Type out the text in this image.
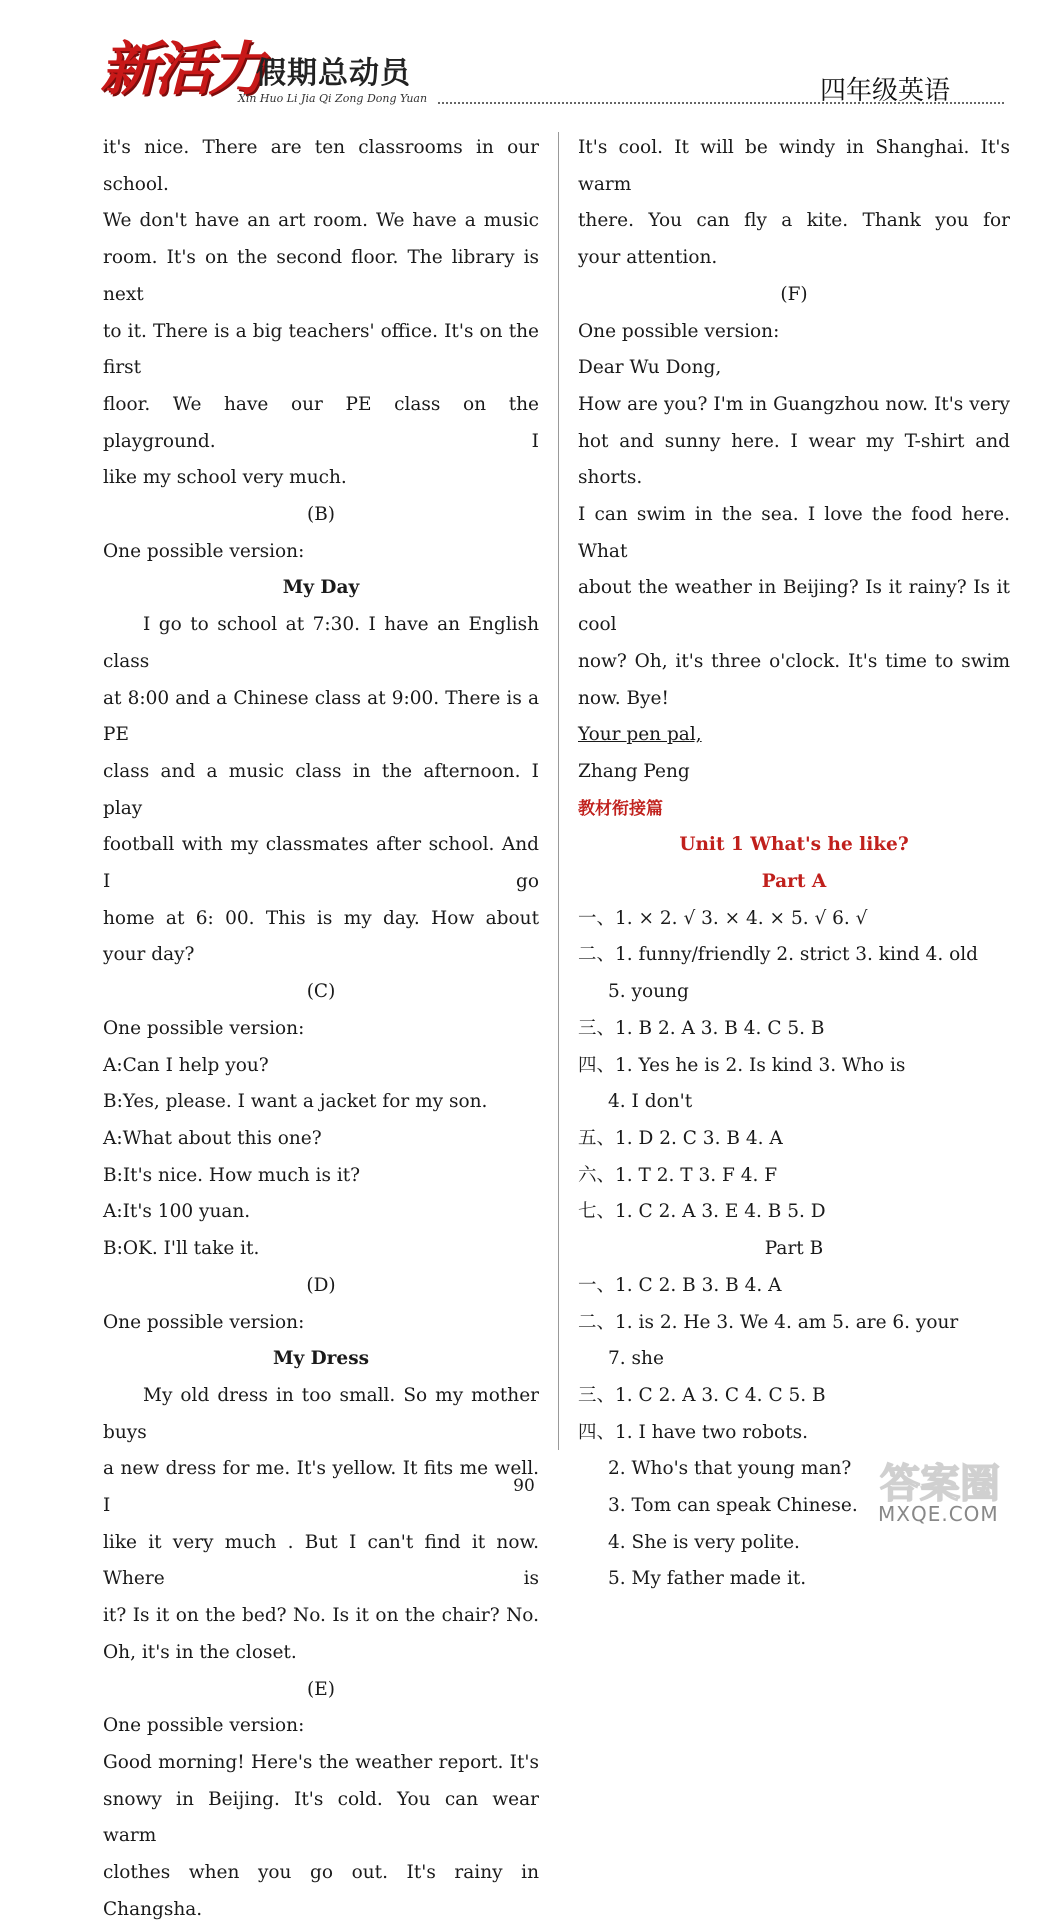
新活力
假期总动员
Xin Huo Li Jia Qi Zong Dong Yuan	四年级英语

it's nice. There are ten classrooms in our school.

We don't have an art room. We have a music

room. It's on the second floor. The library is next

to it. There is a big teachers' office. It's on the first

floor. We have our PE class on the playground. I

like my school very much.

(B)

One possible version:

My Day

I go to school at 7:30. I have an English class

at 8:00 and a Chinese class at 9:00. There is a PE

class and a music class in the afternoon. I play

football with my classmates after school. And I go

home at 6: 00. This is my day. How about

your day?

(C)

One possible version:

A:Can I help you?

B:Yes, please. I want a jacket for my son.

A:What about this one?

B:It's nice. How much is it?

A:It's 100 yuan.

B:OK. I'll take it.

(D)

One possible version:

My Dress

My old dress in too small. So my mother buys

a new dress for me. It's yellow. It fits me well. I

like it very much . But I can't find it now. Where is

it? Is it on the bed? No. Is it on the chair? No.

Oh, it's in the closet.

(E)

One possible version:

Good morning! Here's the weather report. It's

snowy in Beijing. It's cold. You can wear warm

clothes when you go out. It's rainy in Changsha.

It's cool. It will be windy in Shanghai. It's warm

there. You can fly a kite. Thank you for

your attention.

(F)

One possible version:

Dear Wu Dong,

How are you? I'm in Guangzhou now. It's very

hot and sunny here. I wear my T-shirt and shorts.

I can swim in the sea. I love the food here. What

about the weather in Beijing? Is it rainy? Is it cool

now? Oh, it's three o'clock. It's time to swim

now. Bye!

Your pen pal,

Zhang Peng

教材衔接篇

Unit 1 What's he like?

Part A

一、1. × 2. √ 3. × 4. × 5. √ 6. √

二、1. funny/friendly 2. strict 3. kind 4. old

5. young

三、1. B 2. A 3. B 4. C 5. B

四、1. Yes he is 2. Is kind 3. Who is

4. I don't

五、1. D 2. C 3. B 4. A

六、1. T 2. T 3. F 4. F

七、1. C 2. A 3. E 4. B 5. D

Part B

一、1. C 2. B 3. B 4. A

二、1. is 2. He 3. We 4. am 5. are 6. your

7. she

三、1. C 2. A 3. C 4. C 5. B

四、1. I have two robots.

2. Who's that young man?

3. Tom can speak Chinese.

4. She is very polite.

5. My father made it.

90	答案圈
MXQE.COM
